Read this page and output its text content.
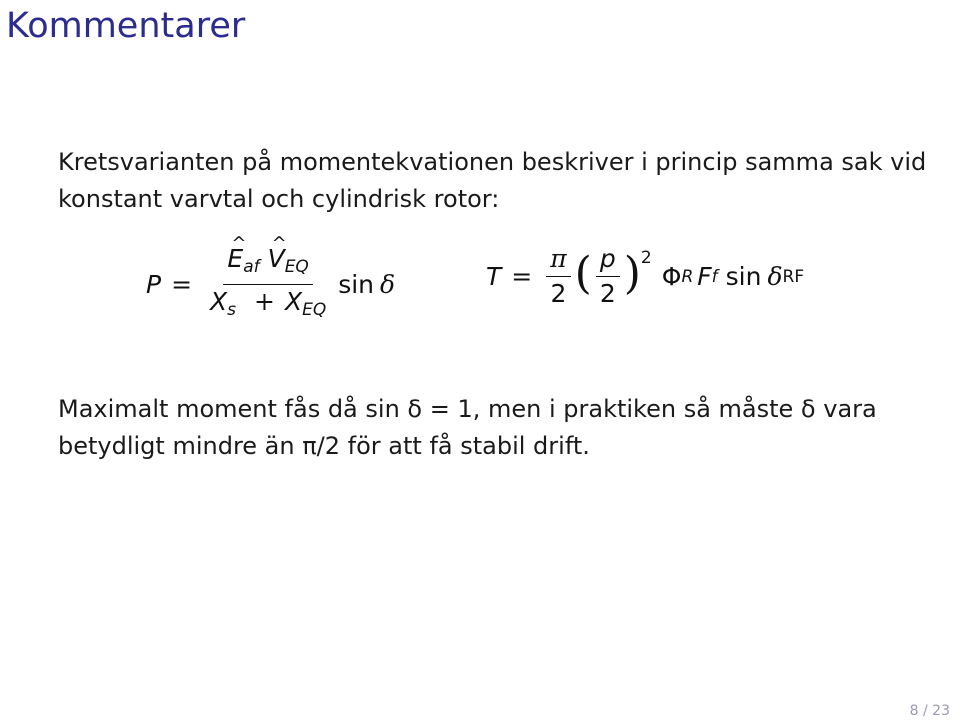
Kommentarer
Kretsvarianten på momentekvationen beskriver i princip samma sak vid konstant varvtal och cylindrisk rotor:
P = ^ $\frac{E_{af} \^{} V_{EQ}}{X_s + X_{EQ}}$ sin δ	$T = \frac{\pi}{2}$ ( $\frac{p}{2} )^2$
Φ R F f sin δ RF
Maximalt moment fås då sin δ = 1, men i praktiken så måste δ vara betydligt mindre än π/2 för att få stabil drift.
8 / 23
